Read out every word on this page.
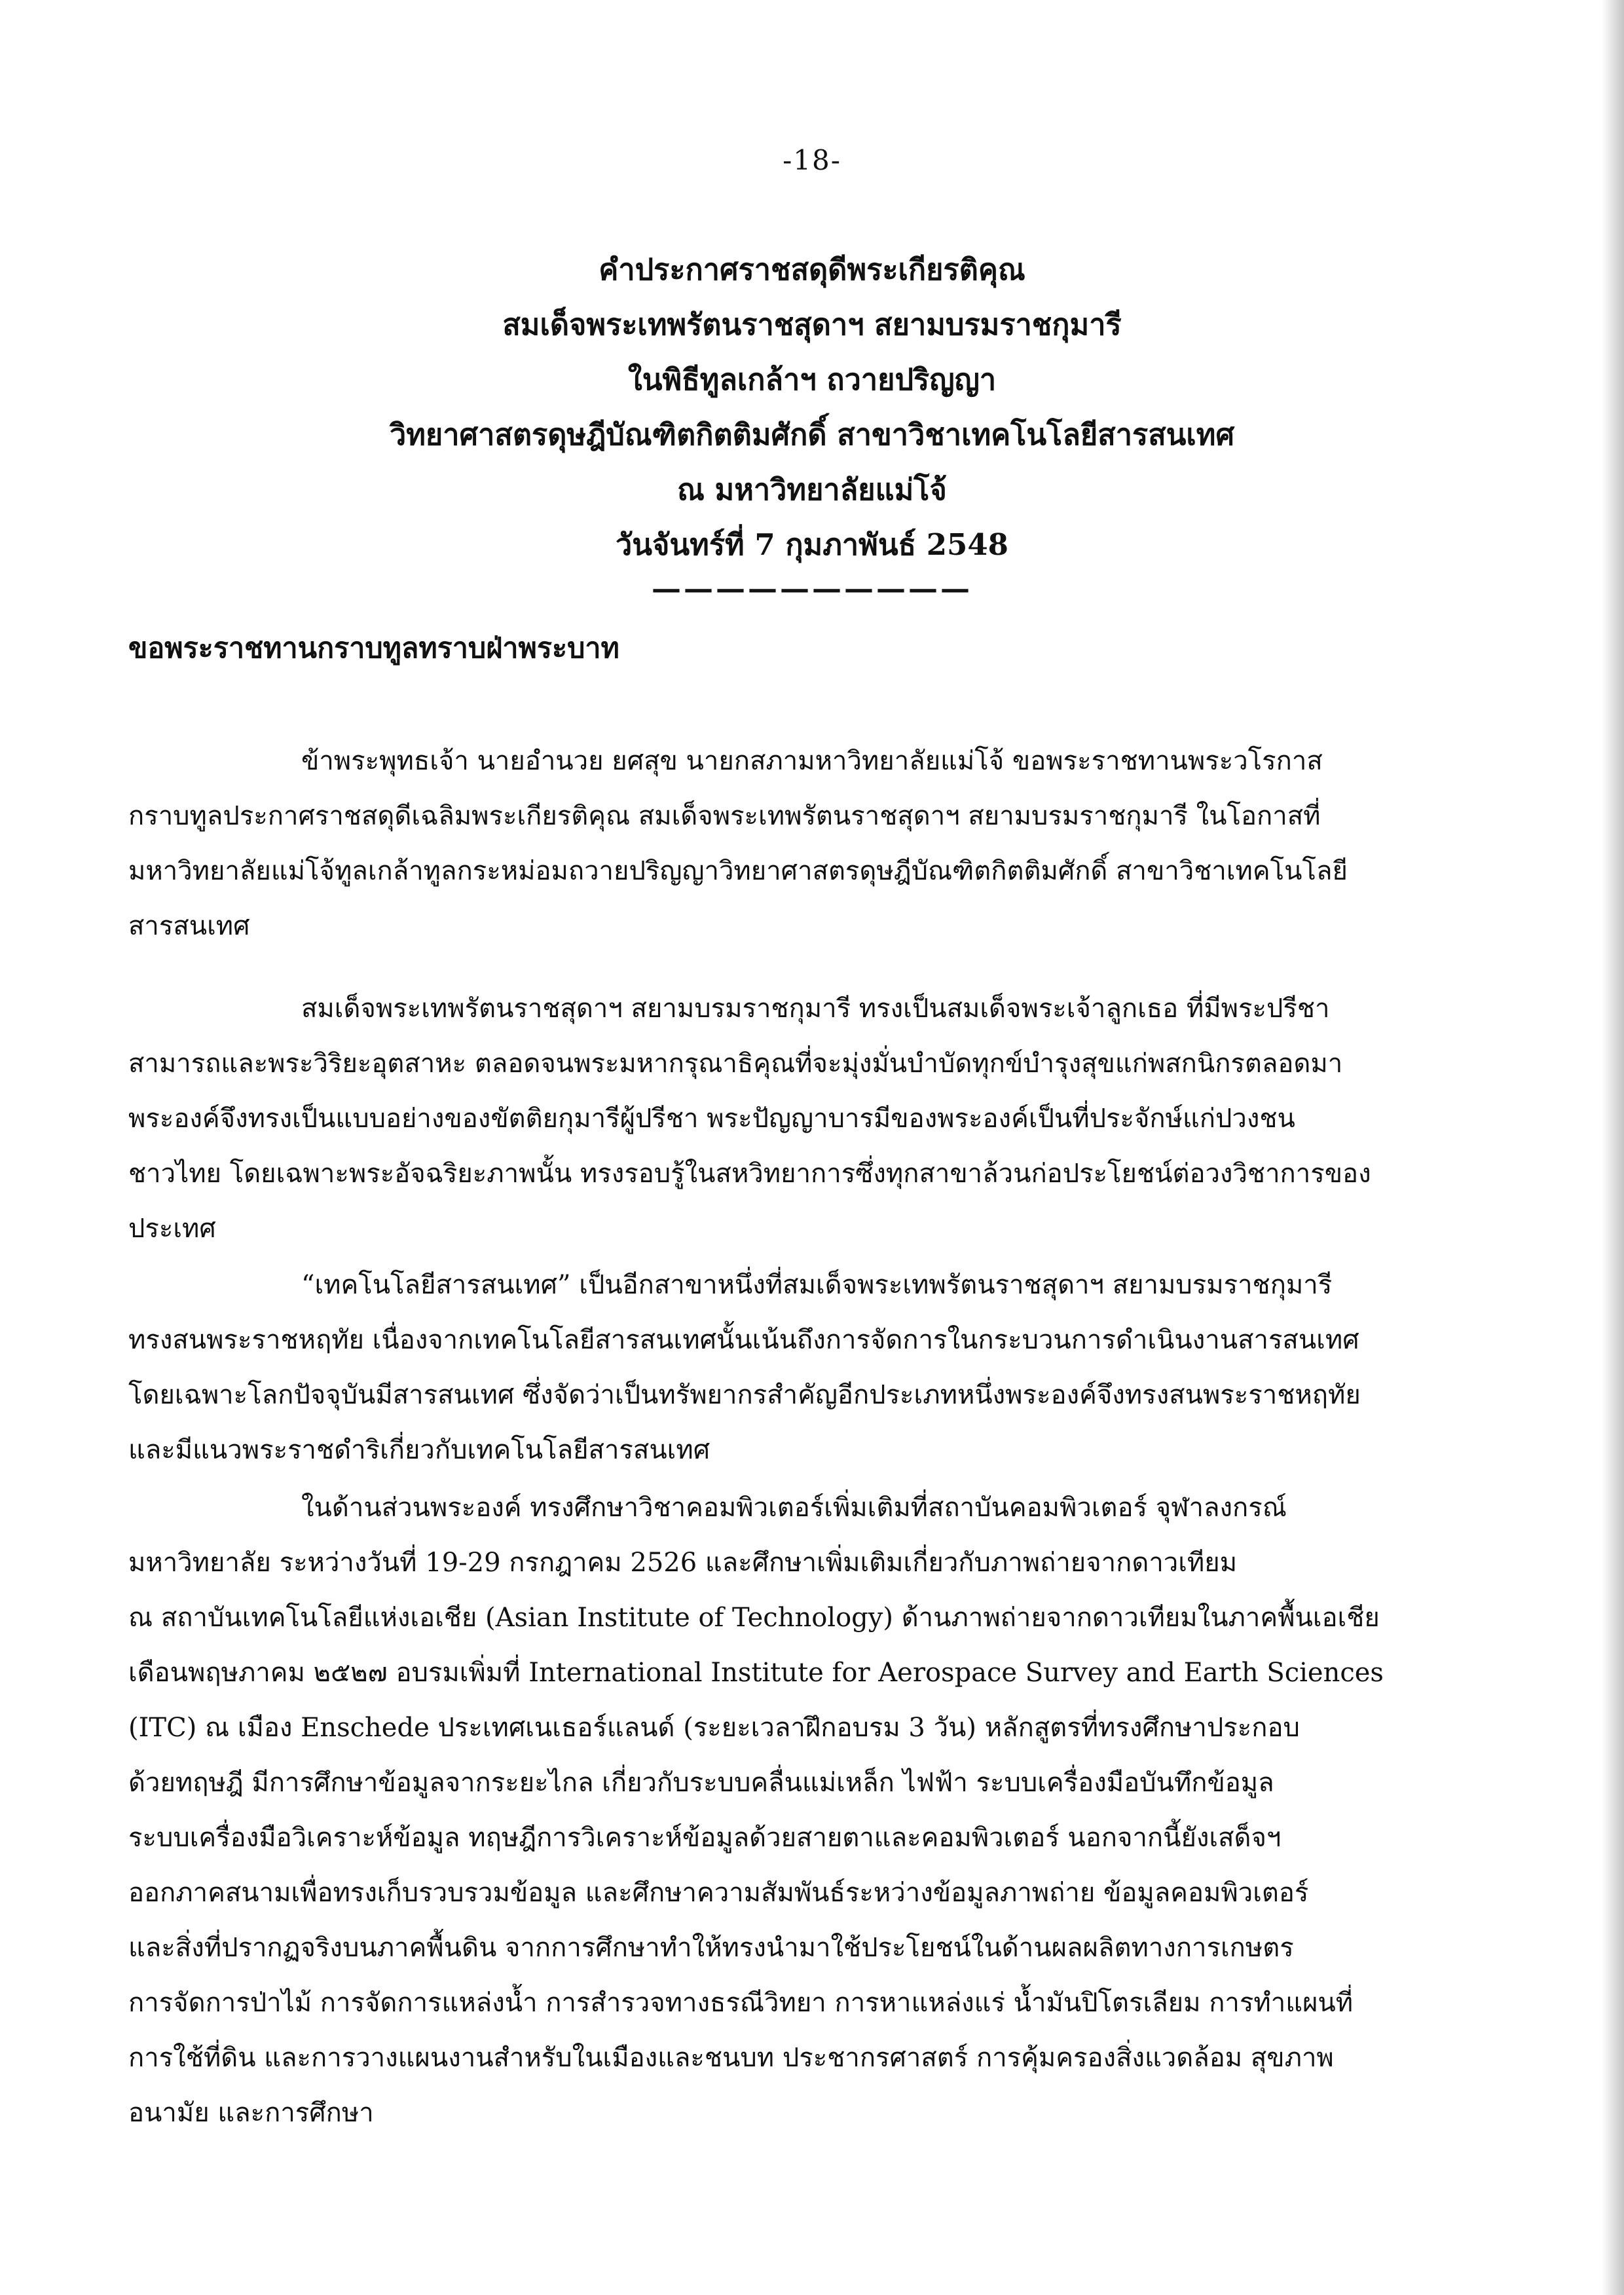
-18-
คำประกาศราชสดุดีพระเกียรติคุณ
สมเด็จพระเทพรัตนราชสุดาฯ สยามบรมราชกุมารี
ในพิธีทูลเกล้าฯ ถวายปริญญา
วิทยาศาสตรดุษฎีบัณฑิตกิตติมศักดิ์ สาขาวิชาเทคโนโลยีสารสนเทศ
ณ มหาวิทยาลัยแม่โจ้
วันจันทร์ที่ 7 กุมภาพันธ์ 2548
——————————
ขอพระราชทานกราบทูลทราบฝ่าพระบาท
ข้าพระพุทธเจ้า นายอำนวย ยศสุข นายกสภามหาวิทยาลัยแม่โจ้ ขอพระราชทานพระวโรกาส
กราบทูลประกาศราชสดุดีเฉลิมพระเกียรติคุณ สมเด็จพระเทพรัตนราชสุดาฯ สยามบรมราชกุมารี ในโอกาสที่
มหาวิทยาลัยแม่โจ้ทูลเกล้าทูลกระหม่อมถวายปริญญาวิทยาศาสตรดุษฎีบัณฑิตกิตติมศักดิ์ สาขาวิชาเทคโนโลยี
สารสนเทศ
สมเด็จพระเทพรัตนราชสุดาฯ สยามบรมราชกุมารี ทรงเป็นสมเด็จพระเจ้าลูกเธอ ที่มีพระปรีชา
สามารถและพระวิริยะอุตสาหะ ตลอดจนพระมหากรุณาธิคุณที่จะมุ่งมั่นบำบัดทุกข์บำรุงสุขแก่พสกนิกรตลอดมา
พระองค์จึงทรงเป็นแบบอย่างของขัตติยกุมารีผู้ปรีชา พระปัญญาบารมีของพระองค์เป็นที่ประจักษ์แก่ปวงชน
ชาวไทย โดยเฉพาะพระอัจฉริยะภาพนั้น ทรงรอบรู้ในสหวิทยาการซึ่งทุกสาขาล้วนก่อประโยชน์ต่อวงวิชาการของ
ประเทศ
“เทคโนโลยีสารสนเทศ” เป็นอีกสาขาหนึ่งที่สมเด็จพระเทพรัตนราชสุดาฯ สยามบรมราชกุมารี
ทรงสนพระราชหฤทัย เนื่องจากเทคโนโลยีสารสนเทศนั้นเน้นถึงการจัดการในกระบวนการดำเนินงานสารสนเทศ
โดยเฉพาะโลกปัจจุบันมีสารสนเทศ ซึ่งจัดว่าเป็นทรัพยากรสำคัญอีกประเภทหนึ่งพระองค์จึงทรงสนพระราชหฤทัย
และมีแนวพระราชดำริเกี่ยวกับเทคโนโลยีสารสนเทศ
ในด้านส่วนพระองค์ ทรงศึกษาวิชาคอมพิวเตอร์เพิ่มเติมที่สถาบันคอมพิวเตอร์ จุฬาลงกรณ์
มหาวิทยาลัย ระหว่างวันที่ 19-29 กรกฎาคม 2526 และศึกษาเพิ่มเติมเกี่ยวกับภาพถ่ายจากดาวเทียม
ณ สถาบันเทคโนโลยีแห่งเอเชีย (Asian Institute of Technology) ด้านภาพถ่ายจากดาวเทียมในภาคพื้นเอเชีย
เดือนพฤษภาคม ๒๕๒๗ อบรมเพิ่มที่ International Institute for Aerospace Survey and Earth Sciences
(ITC) ณ เมือง Enschede ประเทศเนเธอร์แลนด์ (ระยะเวลาฝึกอบรม 3 วัน) หลักสูตรที่ทรงศึกษาประกอบ
ด้วยทฤษฎี มีการศึกษาข้อมูลจากระยะไกล เกี่ยวกับระบบคลื่นแม่เหล็ก ไฟฟ้า ระบบเครื่องมือบันทึกข้อมูล
ระบบเครื่องมือวิเคราะห์ข้อมูล ทฤษฎีการวิเคราะห์ข้อมูลด้วยสายตาและคอมพิวเตอร์ นอกจากนี้ยังเสด็จฯ
ออกภาคสนามเพื่อทรงเก็บรวบรวมข้อมูล และศึกษาความสัมพันธ์ระหว่างข้อมูลภาพถ่าย ข้อมูลคอมพิวเตอร์
และสิ่งที่ปรากฏจริงบนภาคพื้นดิน จากการศึกษาทำให้ทรงนำมาใช้ประโยชน์ในด้านผลผลิตทางการเกษตร
การจัดการป่าไม้ การจัดการแหล่งน้ำ การสำรวจทางธรณีวิทยา การหาแหล่งแร่ น้ำมันปิโตรเลียม การทำแผนที่
การใช้ที่ดิน และการวางแผนงานสำหรับในเมืองและชนบท ประชากรศาสตร์ การคุ้มครองสิ่งแวดล้อม สุขภาพ
อนามัย และการศึกษา
